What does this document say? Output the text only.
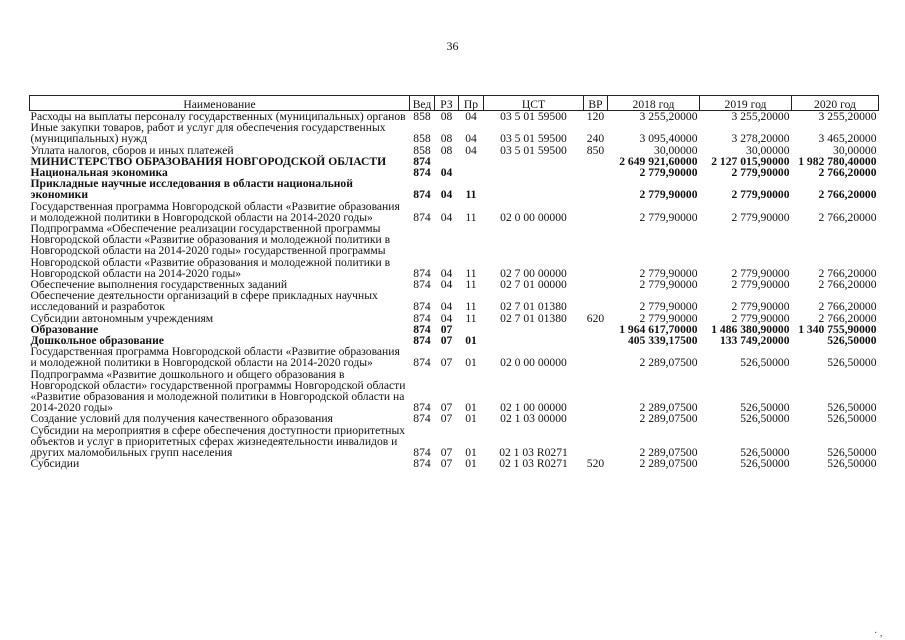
36
Наименование	Вед	РЗ	Пр	ЦСТ	ВР	2018 год	2019 год	2020 год
Расходы на выплаты персоналу государственных (муниципальных) органов	858	08	04	03 5 01 59500	120	3 255,20000	3 255,20000	3 255,20000
Иные закупки товаров, работ и услуг для обеспечения государственных (муниципальных) нужд	858	08	04	03 5 01 59500	240	3 095,40000	3 278,20000	3 465,20000
Уплата налогов, сборов и иных платежей	858	08	04	03 5 01 59500	850	30,00000	30,00000	30,00000
МИНИСТЕРСТВО ОБРАЗОВАНИЯ НОВГОРОДСКОЙ ОБЛАСТИ	874					2 649 921,60000	2 127 015,90000	1 982 780,40000
Национальная экономика	874	04				2 779,90000	2 779,90000	2 766,20000
Прикладные научные исследования в области национальной экономики	874	04	11			2 779,90000	2 779,90000	2 766,20000
Государственная программа Новгородской области «Развитие образования и молодежной политики в Новгородской области на 2014-2020 годы»	874	04	11	02 0 00 00000		2 779,90000	2 779,90000	2 766,20000
Подпрограмма «Обеспечение реализации государственной программы Новгородской области «Развитие образования и молодежной политики в Новгородской области на 2014-2020 годы» государственной программы Новгородской области «Развитие образования и молодежной политики в Новгородской области на 2014-2020 годы»	874	04	11	02 7 00 00000		2 779,90000	2 779,90000	2 766,20000
Обеспечение выполнения государственных заданий	874	04	11	02 7 01 00000		2 779,90000	2 779,90000	2 766,20000
Обеспечение деятельности организаций в сфере прикладных научных исследований и разработок	874	04	11	02 7 01 01380		2 779,90000	2 779,90000	2 766,20000
Субсидии автономным учреждениям	874	04	11	02 7 01 01380	620	2 779,90000	2 779,90000	2 766,20000
Образование	874	07				1 964 617,70000	1 486 380,90000	1 340 755,90000
Дошкольное образование	874	07	01			405 339,17500	133 749,20000	526,50000
Государственная программа Новгородской области «Развитие образования и молодежной политики в Новгородской области на 2014-2020 годы»	874	07	01	02 0 00 00000		2 289,07500	526,50000	526,50000
Подпрограмма «Развитие дошкольного и общего образования в Новгородской области» государственной программы Новгородской области «Развитие образования и молодежной политики в Новгородской области на 2014-2020 годы»	874	07	01	02 1 00 00000		2 289,07500	526,50000	526,50000
Создание условий для получения качественного образования	874	07	01	02 1 03 00000		2 289,07500	526,50000	526,50000
Субсидии на мероприятия в сфере обеспечения доступности приоритетных объектов и услуг в приоритетных сферах жизнедеятельности инвалидов и других маломобильных групп населения	874	07	01	02 1 03 R0271		2 289,07500	526,50000	526,50000
Субсидии	874	07	01	02 1 03 R0271	520	2 289,07500	526,50000	526,50000
· ,
